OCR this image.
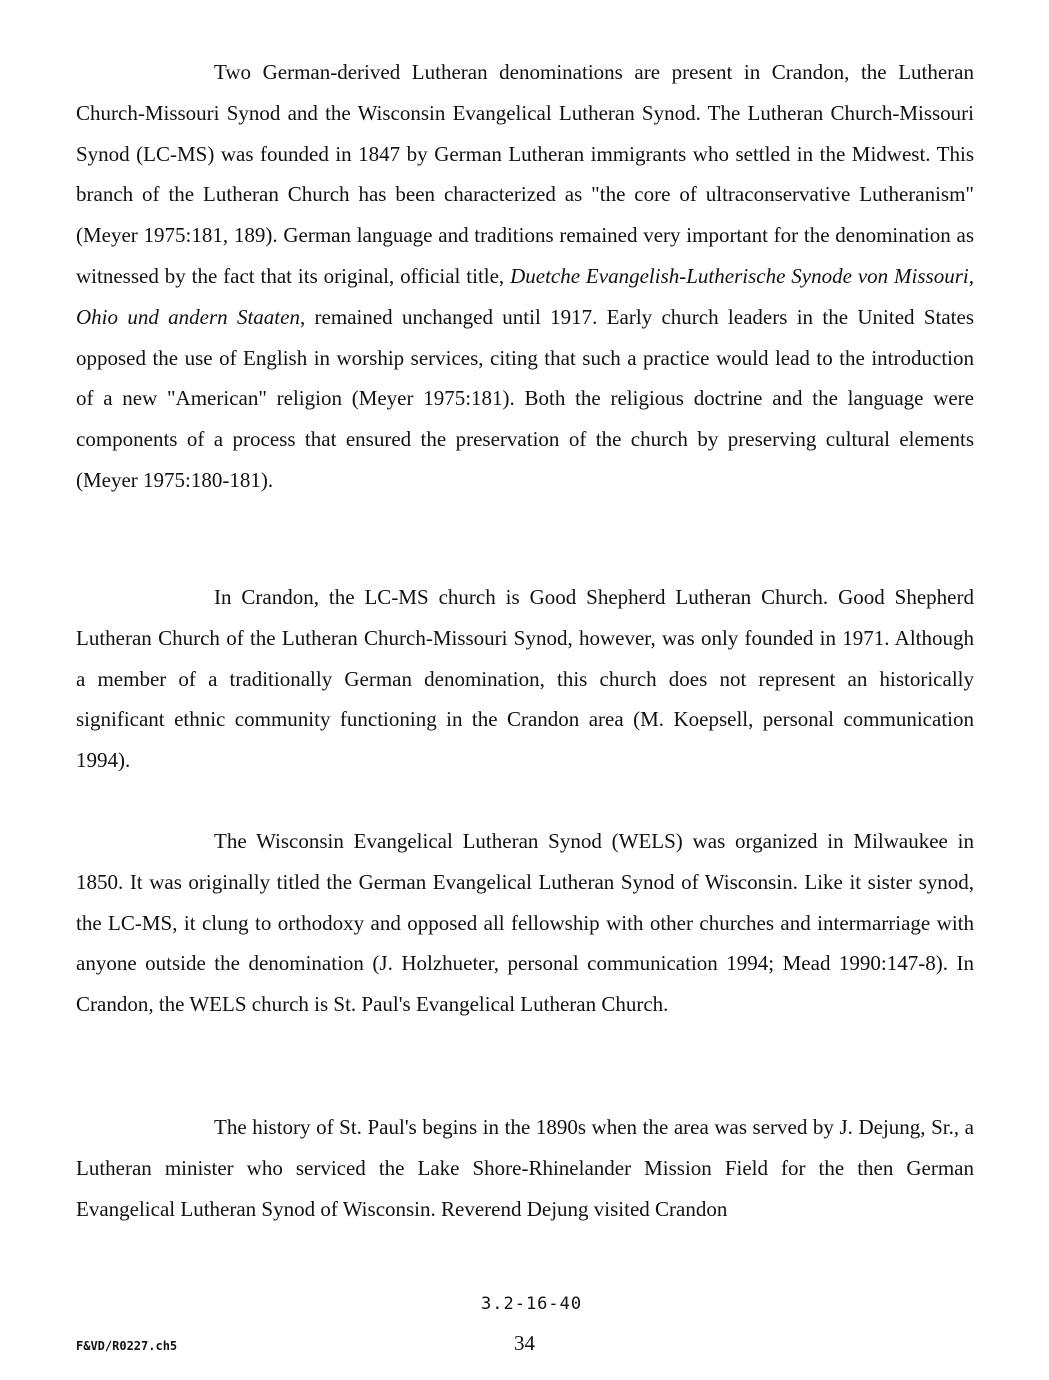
Two German-derived Lutheran denominations are present in Crandon, the Lutheran Church-Missouri Synod and the Wisconsin Evangelical Lutheran Synod. The Lutheran Church-Missouri Synod (LC-MS) was founded in 1847 by German Lutheran immigrants who settled in the Midwest. This branch of the Lutheran Church has been characterized as "the core of ultraconservative Lutheranism" (Meyer 1975:181, 189). German language and traditions remained very important for the denomination as witnessed by the fact that its original, official title, Duetche Evangelish-Lutherische Synode von Missouri, Ohio und andern Staaten, remained unchanged until 1917. Early church leaders in the United States opposed the use of English in worship services, citing that such a practice would lead to the introduction of a new "American" religion (Meyer 1975:181). Both the religious doctrine and the language were components of a process that ensured the preservation of the church by preserving cultural elements (Meyer 1975:180-181).

In Crandon, the LC-MS church is Good Shepherd Lutheran Church. Good Shepherd Lutheran Church of the Lutheran Church-Missouri Synod, however, was only founded in 1971. Although a member of a traditionally German denomination, this church does not represent an historically significant ethnic community functioning in the Crandon area (M. Koepsell, personal communication 1994).

The Wisconsin Evangelical Lutheran Synod (WELS) was organized in Milwaukee in 1850. It was originally titled the German Evangelical Lutheran Synod of Wisconsin. Like it sister synod, the LC-MS, it clung to orthodoxy and opposed all fellowship with other churches and intermarriage with anyone outside the denomination (J. Holzhueter, personal communication 1994; Mead 1990:147-8). In Crandon, the WELS church is St. Paul's Evangelical Lutheran Church.

The history of St. Paul's begins in the 1890s when the area was served by J. Dejung, Sr., a Lutheran minister who serviced the Lake Shore-Rhinelander Mission Field for the then German Evangelical Lutheran Synod of Wisconsin. Reverend Dejung visited Crandon

3.2-16-40
34
F&VD/R0227.ch5
